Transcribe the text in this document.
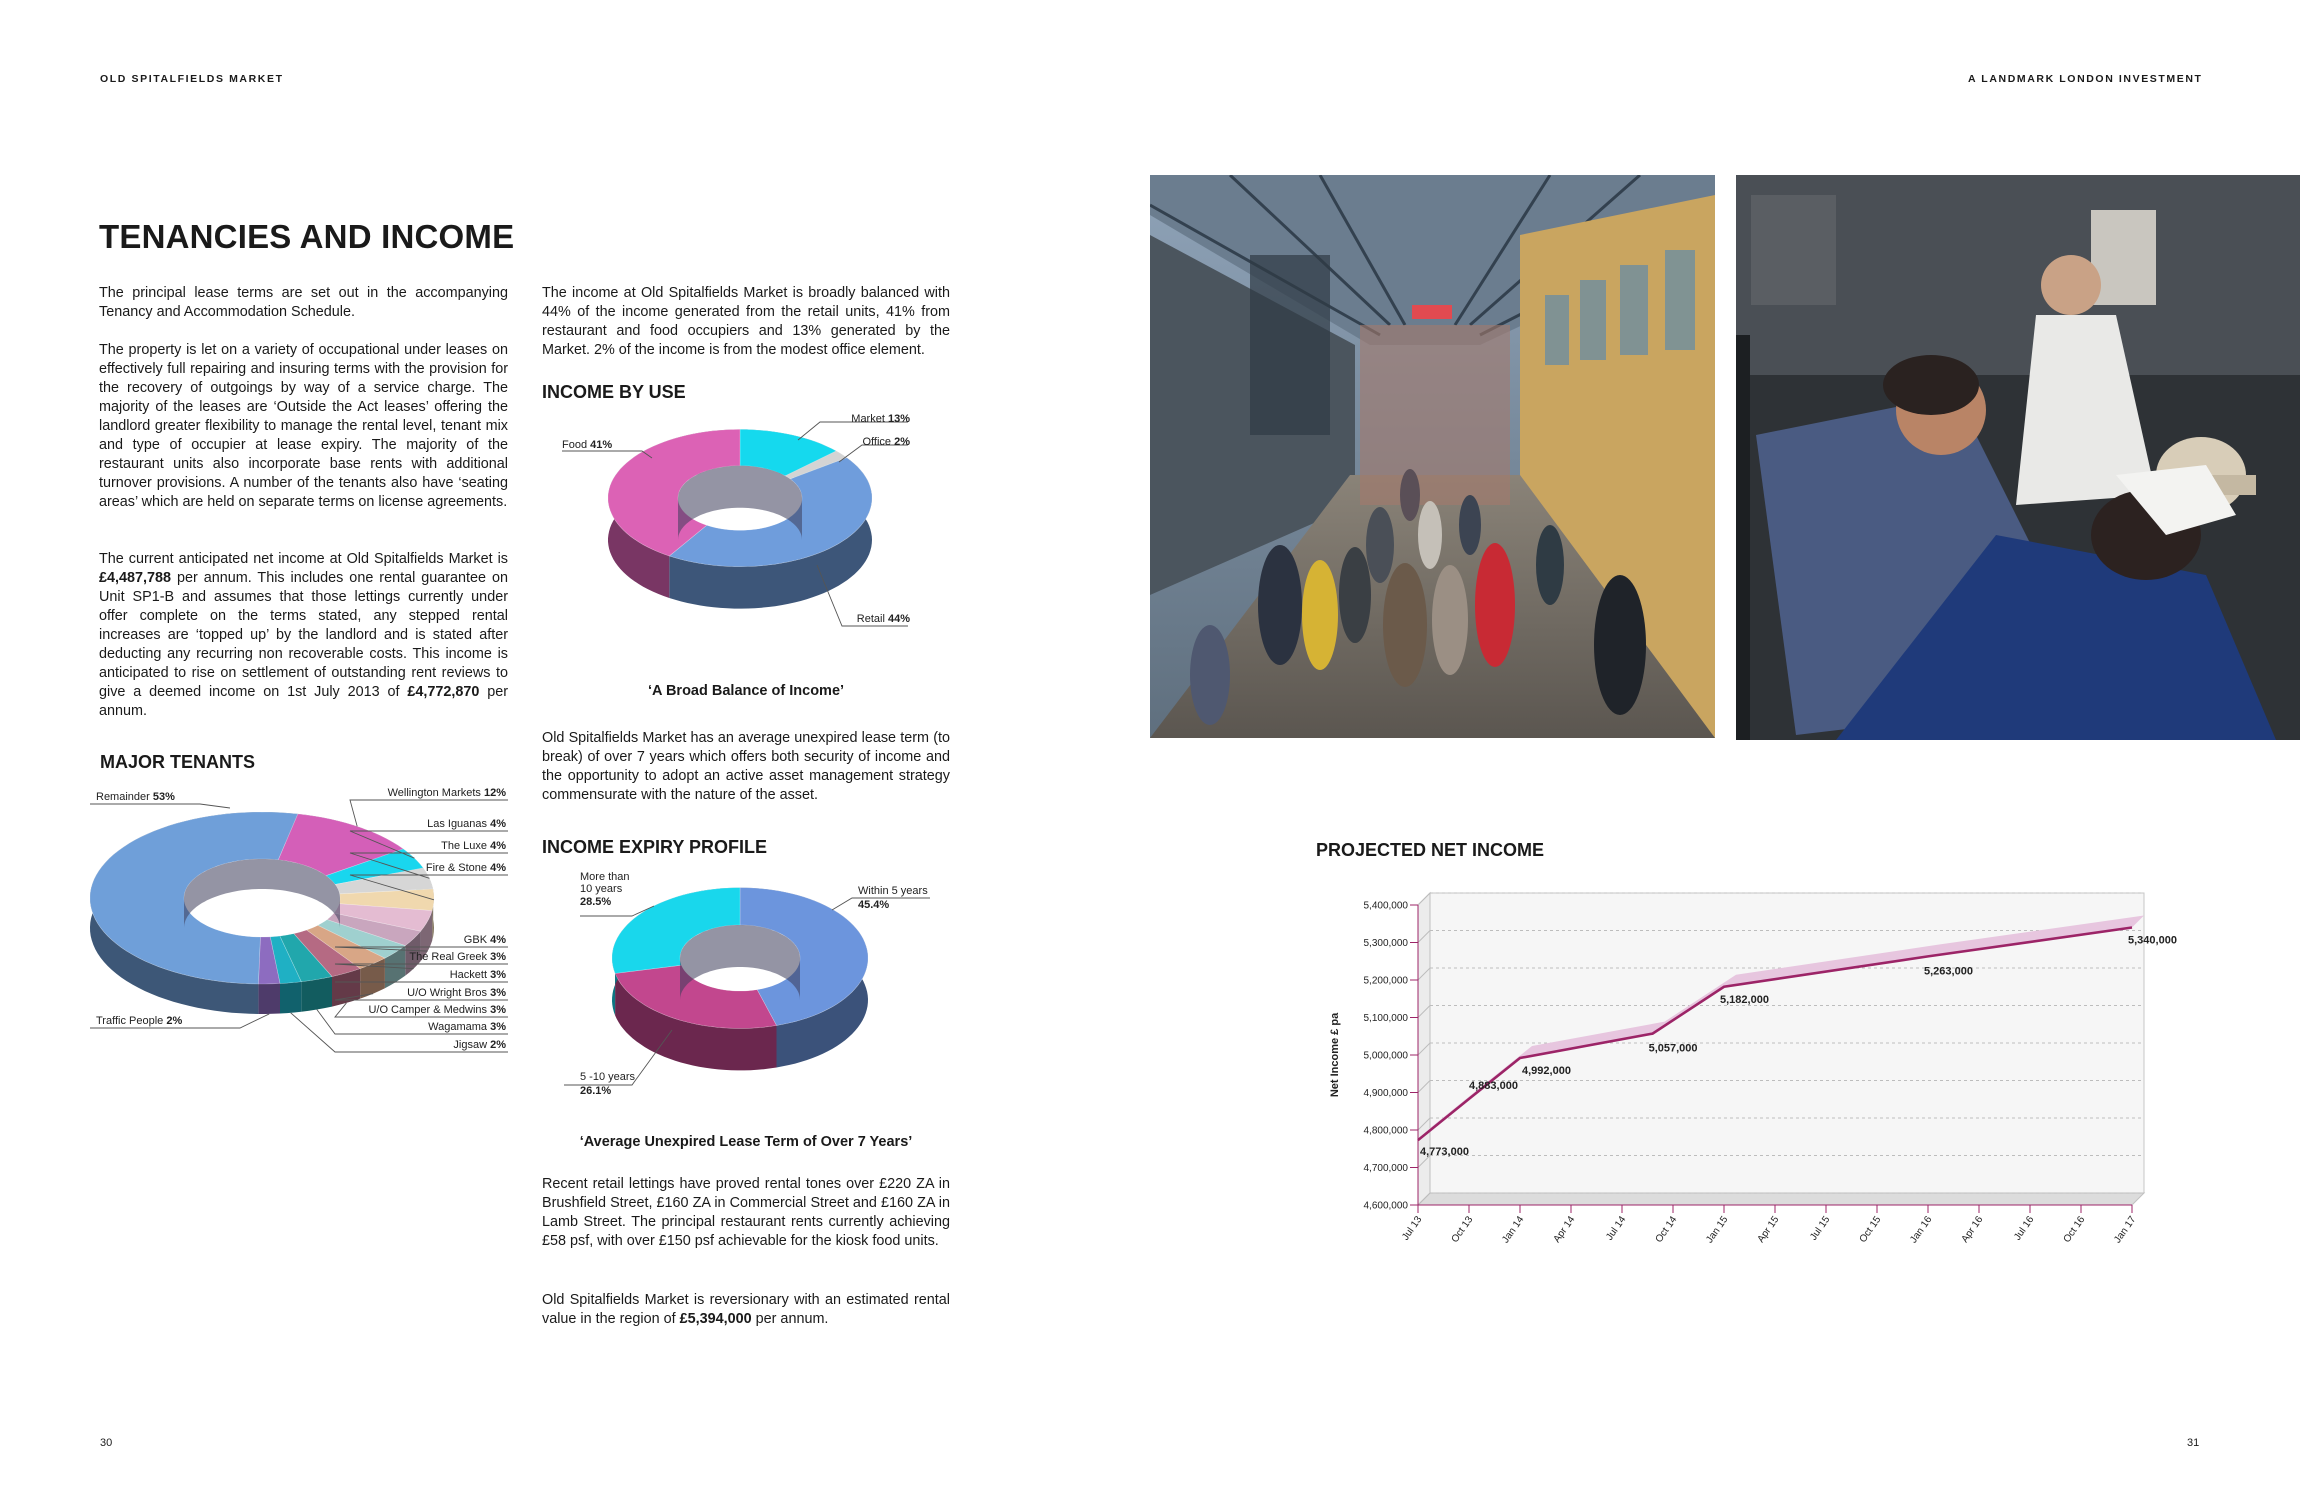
OLD SPITALFIELDS MARKET	A LANDMARK LONDON INVESTMENT
TENANCIES AND INCOME

The principal lease terms are set out in the accompanying Tenancy and Accommodation Schedule.

The property is let on a variety of occupational under leases on effectively full repairing and insuring terms with the provision for the recovery of outgoings by way of a service charge. The majority of the leases are ‘Outside the Act leases’ offering the landlord greater flexibility to manage the rental level, tenant mix and type of occupier at lease expiry. The majority of the restaurant units also incorporate base rents with additional turnover provisions. A number of the tenants also have ‘seating areas’ which are held on separate terms on license agreements.

The current anticipated net income at Old Spitalfields Market is £4,487,788 per annum. This includes one rental guarantee on Unit SP1-B and assumes that those lettings currently under offer complete on the terms stated, any stepped rental increases are ‘topped up’ by the landlord and is stated after deducting any recurring non recoverable costs. This income is anticipated to rise on settlement of outstanding rent reviews to give a deemed income on 1st July 2013 of £4,772,870 per annum.

The income at Old Spitalfields Market is broadly balanced with 44% of the income generated from the retail units, 41% from restaurant and food occupiers and 13% generated by the Market. 2% of the income is from the modest office element.

Old Spitalfields Market has an average unexpired lease term (to break) of over 7 years which offers both security of income and the opportunity to adopt an active asset management strategy commensurate with the nature of the asset.

Recent retail lettings have proved rental tones over £220 ZA in Brushfield Street, £160 ZA in Commercial Street and £160 ZA in Lamb Street. The principal restaurant rents currently achieving £58 psf, with over £150 psf achievable for the kiosk food units.

Old Spitalfields Market is reversionary with an estimated rental value in the region of £5,394,000 per annum.

MAJOR TENANTS
INCOME BY USE
INCOME EXPIRY PROFILE	PROJECTED NET INCOME
‘A Broad Balance of Income’
‘Average Unexpired Lease Term of Over 7 Years’
Wellington Markets 12%
Las Iguanas 4%
The Luxe 4%
Fire & Stone 4%
GBK 4%
The Real Greek 3%
Hackett 3%
U/O Wright Bros 3%
U/O Camper & Medwins 3%
Wagamama 3%
Jigsaw 2%
Traffic People 2%
Remainder 53%
Market 13%
Office 2%
Retail 44%
Food 41%
Within 5 years
45.4%
5 -10 years
26.1%
More than
10 years
28.5%
4,600,000
4,700,000
4,800,000
4,900,000
5,000,000
5,100,000
5,200,000
5,300,000
5,400,000
Net Income £ pa
Jul 13	Oct 13 Jan 14	Apr 14	Jul 14	Oct 14 Jan 15	Apr 15	Jul 15	Oct 15 Jan 16	Apr 16	Jul 16	Oct 16 Jan 17
4,773,000
4,883,000
4,992,000
5,057,000
5,182,000
5,263,000
5,340,000
30	31
